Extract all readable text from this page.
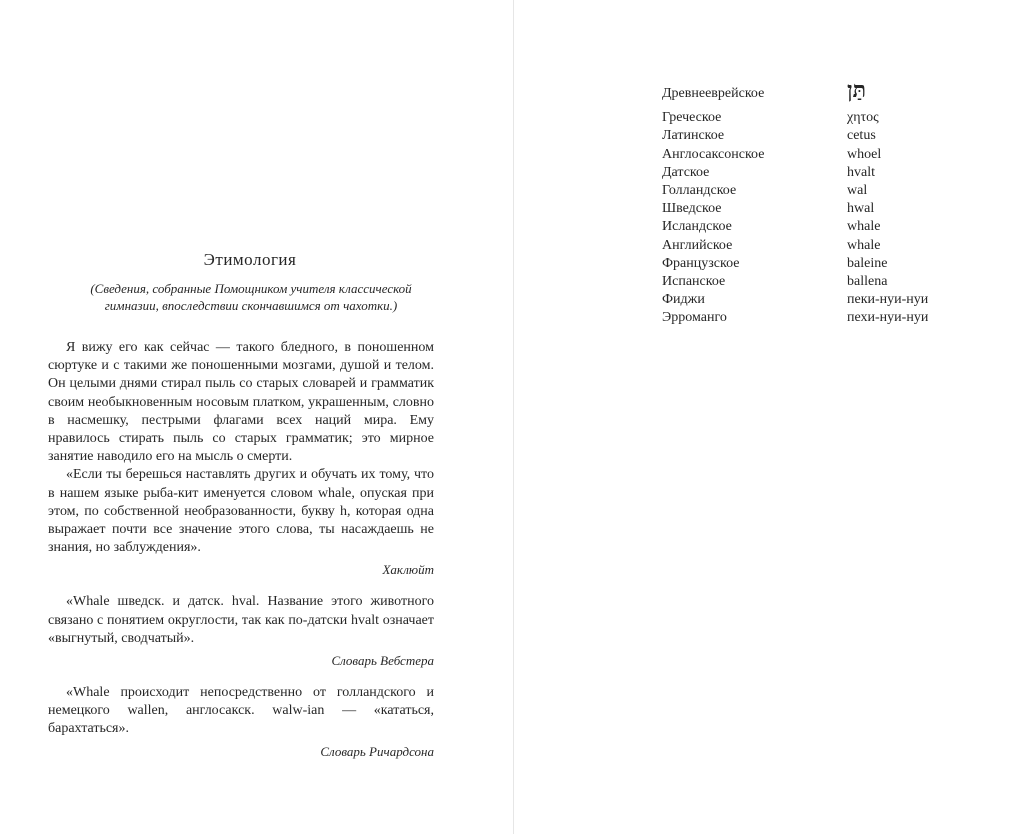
Этимология

(Сведения, собранные Помощником учителя классической гимназии, впоследствии скончавшимся от чахотки.)

Я вижу его как сейчас — такого бледного, в поношенном сюртуке и с такими же поношенными мозгами, душой и телом. Он целыми днями стирал пыль со старых словарей и грамматик своим необыкновенным носовым платком, украшенным, словно в насмешку, пестрыми флагами всех наций мира. Ему нравилось стирать пыль со старых грамматик; это мирное занятие наводило его на мысль о смерти.

«Если ты берешься наставлять других и обучать их тому, что в нашем языке рыба-кит именуется словом whale, опуская при этом, по собственной необразованности, букву h, которая одна выражает почти все значение этого слова, ты насаждаешь не знания, но заблуждения».

Хаклюйт

«Whale шведск. и датск. hval. Название этого животного связано с понятием округлости, так как по-датски hvalt означает «выгнутый, сводчатый».

Словарь Вебстера

«Whale происходит непосредственно от голландского и немецкого wallen, англосакск. walw-ian — «кататься, барахтаться».

Словарь Ричардсона

Древнееврейское	תַּן
Греческое	χητος
Латинское	cetus
Англосаксонское	whoel
Датское	hvalt
Голландское	wal
Шведское	hwal
Исландское	whale
Английское	whale
Французское	baleine
Испанское	ballena
Фиджи	пеки-нуи-нуи
Эрроманго	пехи-нуи-нуи
